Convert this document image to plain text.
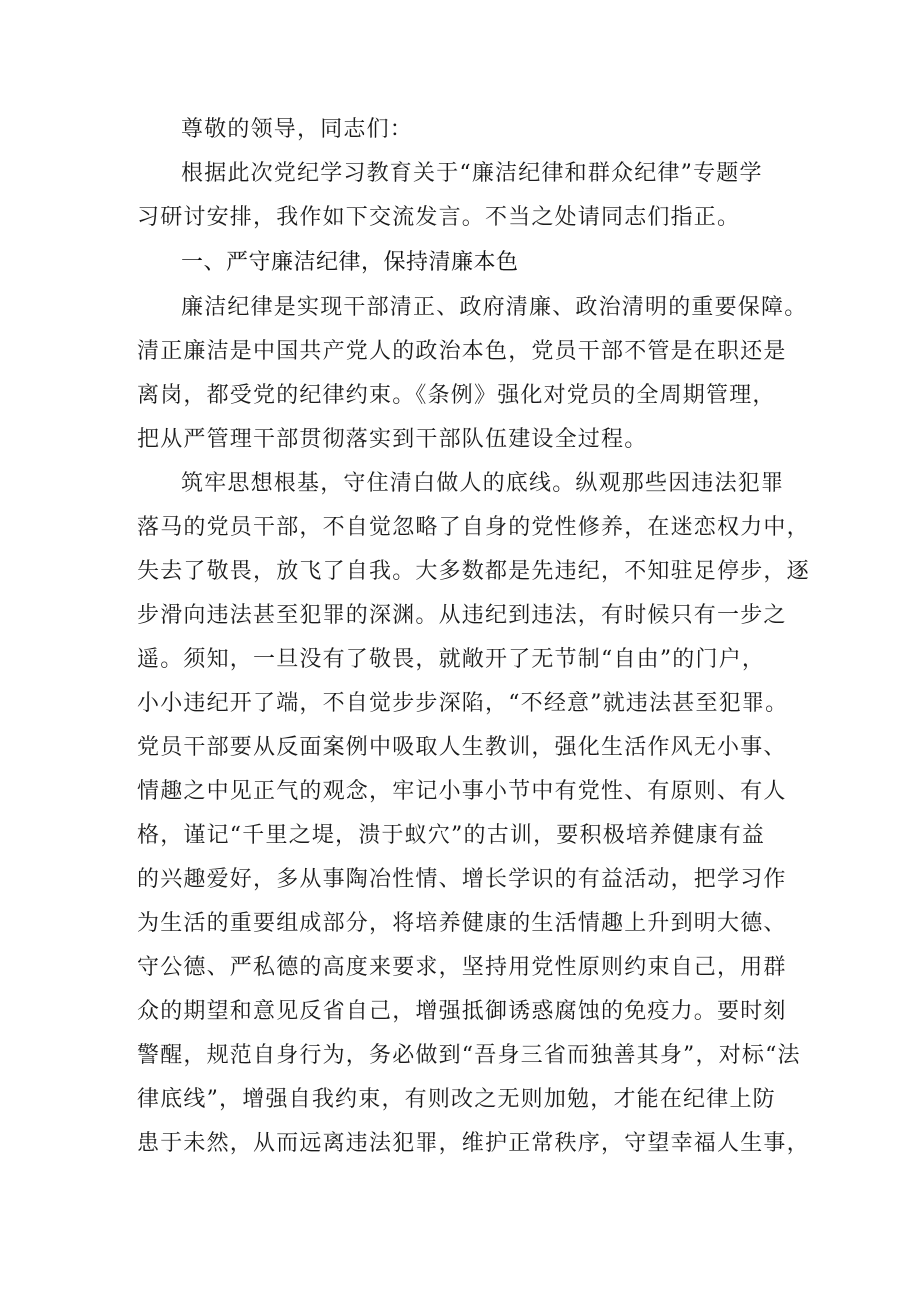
尊敬的领导，同志们：
根据此次党纪学习教育关于“廉洁纪律和群众纪律”专题学
习研讨安排，我作如下交流发言。不当之处请同志们指正。
一、严守廉洁纪律，保持清廉本色
廉洁纪律是实现干部清正、政府清廉、政治清明的重要保障。
清正廉洁是中国共产党人的政治本色，党员干部不管是在职还是
离岗，都受党的纪律约束。《条例》强化对党员的全周期管理，
把从严管理干部贯彻落实到干部队伍建设全过程。
筑牢思想根基，守住清白做人的底线。纵观那些因违法犯罪
落马的党员干部，不自觉忽略了自身的党性修养，在迷恋权力中，
失去了敬畏，放飞了自我。大多数都是先违纪，不知驻足停步，逐
步滑向违法甚至犯罪的深渊。从违纪到违法，有时候只有一步之
遥。须知，一旦没有了敬畏，就敞开了无节制“自由”的门户，
小小违纪开了端，不自觉步步深陷，“不经意”就违法甚至犯罪。
党员干部要从反面案例中吸取人生教训，强化生活作风无小事、
情趣之中见正气的观念，牢记小事小节中有党性、有原则、有人
格，谨记“千里之堤，溃于蚁穴”的古训，要积极培养健康有益
的兴趣爱好，多从事陶冶性情、增长学识的有益活动，把学习作
为生活的重要组成部分，将培养健康的生活情趣上升到明大德、
守公德、严私德的高度来要求，坚持用党性原则约束自己，用群
众的期望和意见反省自己，增强抵御诱惑腐蚀的免疫力。要时刻
警醒，规范自身行为，务必做到“吾身三省而独善其身”，对标“法
律底线”，增强自我约束，有则改之无则加勉，才能在纪律上防
患于未然，从而远离违法犯罪，维护正常秩序，守望幸福人生事，
